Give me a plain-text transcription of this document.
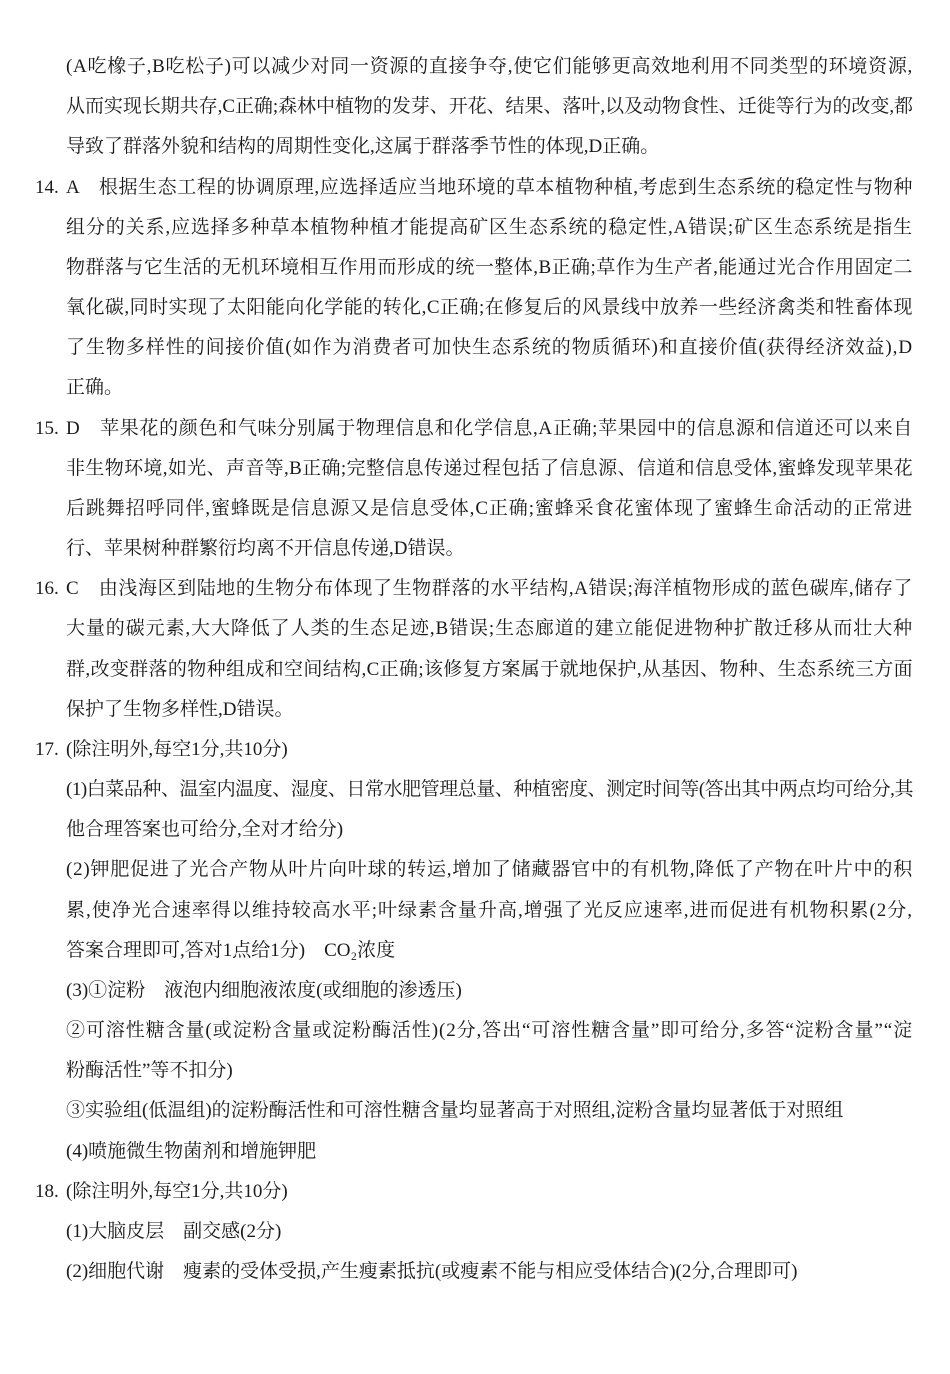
(A吃橡子,B吃松子)可以减少对同一资源的直接争夺,使它们能够更高效地利用不同类型的环境资源,
从而实现长期共存,C正确;森林中植物的发芽、开花、结果、落叶,以及动物食性、迁徙等行为的改变,都
导致了群落外貌和结构的周期性变化,这属于群落季节性的体现,D正确。
14. A　根据生态工程的协调原理,应选择适应当地环境的草本植物种植,考虑到生态系统的稳定性与物种
组分的关系,应选择多种草本植物种植才能提高矿区生态系统的稳定性,A错误;矿区生态系统是指生
物群落与它生活的无机环境相互作用而形成的统一整体,B正确;草作为生产者,能通过光合作用固定二
氧化碳,同时实现了太阳能向化学能的转化,C正确;在修复后的风景线中放养一些经济禽类和牲畜体现
了生物多样性的间接价值(如作为消费者可加快生态系统的物质循环)和直接价值(获得经济效益),D
正确。
15. D　苹果花的颜色和气味分别属于物理信息和化学信息,A正确;苹果园中的信息源和信道还可以来自
非生物环境,如光、声音等,B正确;完整信息传递过程包括了信息源、信道和信息受体,蜜蜂发现苹果花
后跳舞招呼同伴,蜜蜂既是信息源又是信息受体,C正确;蜜蜂采食花蜜体现了蜜蜂生命活动的正常进
行、苹果树种群繁衍均离不开信息传递,D错误。
16. C　由浅海区到陆地的生物分布体现了生物群落的水平结构,A错误;海洋植物形成的蓝色碳库,储存了
大量的碳元素,大大降低了人类的生态足迹,B错误;生态廊道的建立能促进物种扩散迁移从而壮大种
群,改变群落的物种组成和空间结构,C正确;该修复方案属于就地保护,从基因、物种、生态系统三方面
保护了生物多样性,D错误。
17. (除注明外,每空1分,共10分)
(1)白菜品种、温室内温度、湿度、日常水肥管理总量、种植密度、测定时间等(答出其中两点均可给分,其
他合理答案也可给分,全对才给分)
(2)钾肥促进了光合产物从叶片向叶球的转运,增加了储藏器官中的有机物,降低了产物在叶片中的积
累,使净光合速率得以维持较高水平;叶绿素含量升高,增强了光反应速率,进而促进有机物积累(2分,
答案合理即可,答对1点给1分)　CO₂浓度
(3)①淀粉　液泡内细胞液浓度(或细胞的渗透压)
②可溶性糖含量(或淀粉含量或淀粉酶活性)(2分,答出“可溶性糖含量”即可给分,多答“淀粉含量”“淀
粉酶活性”等不扣分)
③实验组(低温组)的淀粉酶活性和可溶性糖含量均显著高于对照组,淀粉含量均显著低于对照组
(4)喷施微生物菌剂和增施钾肥
18. (除注明外,每空1分,共10分)
(1)大脑皮层　副交感(2分)
(2)细胞代谢　瘦素的受体受损,产生瘦素抵抗(或瘦素不能与相应受体结合)(2分,合理即可)
